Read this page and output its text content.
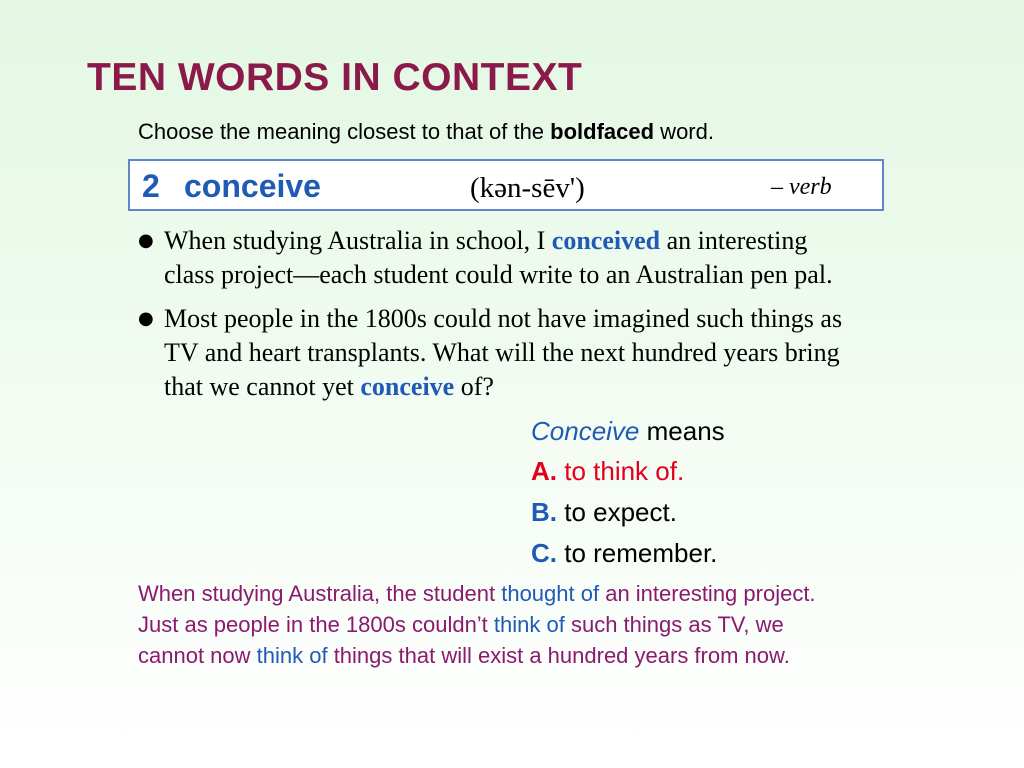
TEN WORDS IN CONTEXT
Choose the meaning closest to that of the boldfaced word.
2 conceive	(kən-sēv')	– verb
● When studying Australia in school, I conceived an interesting
class project—each student could write to an Australian pen pal.
● Most people in the 1800s could not have imagined such things as
TV and heart transplants. What will the next hundred years bring
that we cannot yet conceive of?
Conceive means
A. to think of.
B. to expect.
C. to remember.
When studying Australia, the student thought of an interesting project.
Just as people in the 1800s couldn’t think of such things as TV, we
cannot now think of things that will exist a hundred years from now.
